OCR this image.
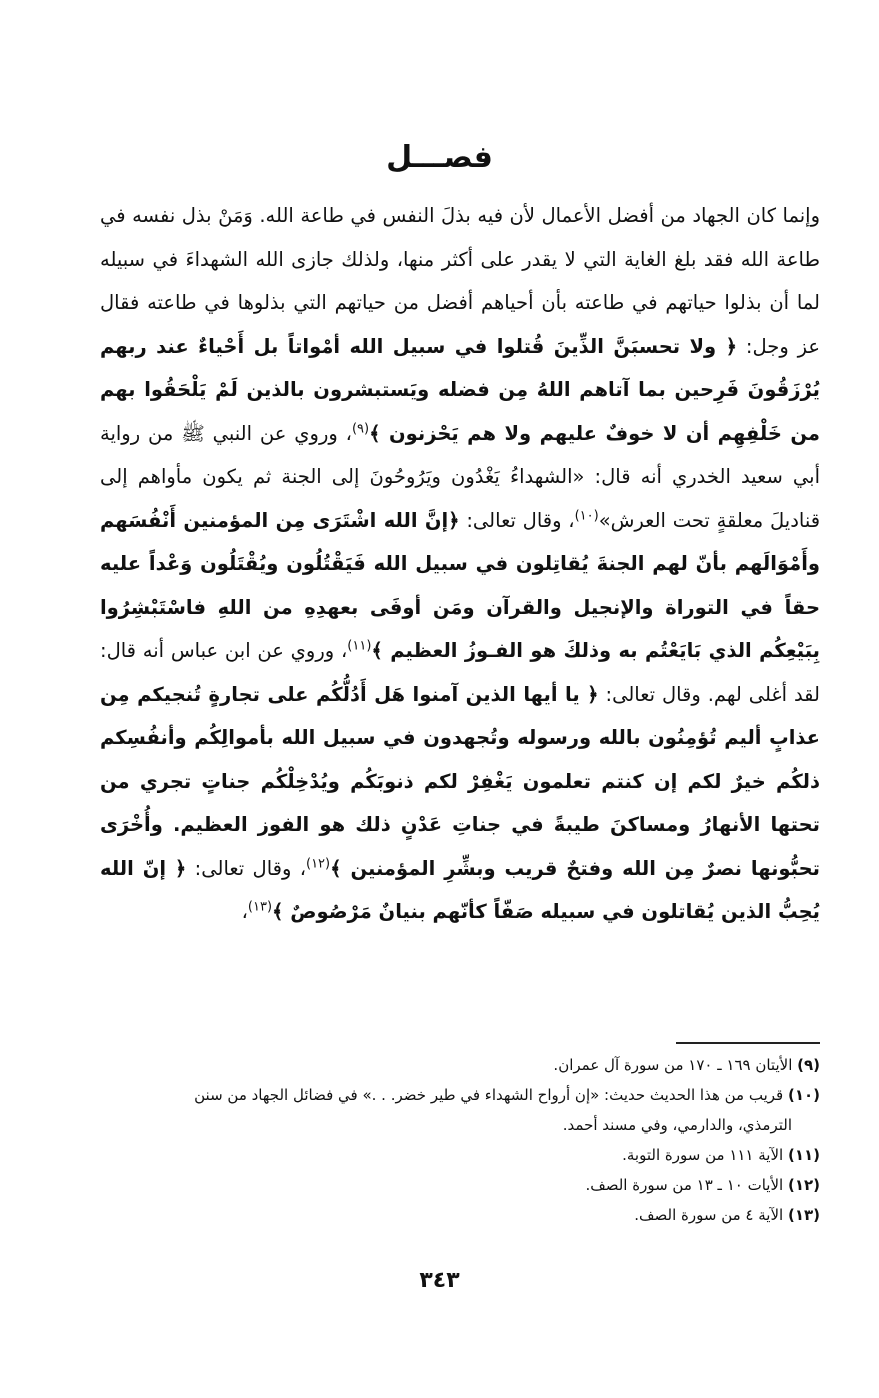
فصـــل

وإنما كان الجهاد من أفضل الأعمال لأن فيه بذلَ النفس في طاعة الله. وَمَنْ بذل نفسه في طاعة الله فقد بلغ الغاية التي لا يقدر على أكثر منها، ولذلك جازى الله الشهداءَ في سبيله لما أن بذلوا حياتهم في طاعته بأن أحياهم أفضل من حياتهم التي بذلوها في طاعته فقال عز وجل: ﴿ ولا تحسبَنَّ الذِّينَ قُتلوا في سبيل الله أمْواتاً بل أَحْياءٌ عند ربهم يُرْزَقُونَ فَرِحين بما آتاهم اللهُ مِن فضله ويَستبشرون بالذين لَمْ يَلْحَقُوا بهم من خَلْفِهِم أن لا خوفٌ عليهم ولا هم يَحْزنون ﴾$^{(٩)}$، وروي عن النبي ﷺ من رواية أبي سعيد الخدري أنه قال: «الشهداءُ يَغْدُون ويَرُوحُونَ إلى الجنة ثم يكون مأواهم إلى قناديلَ معلقةٍ تحت العرش»$^{(١٠)}$، وقال تعالى: ﴿إنَّ الله اشْتَرَى مِن المؤمنين أَنْفُسَهم وأَمْوَالَهم بأنّ لهم الجنةَ يُقاتِلون في سبيل الله فَيَقْتُلُون ويُقْتَلُون وَعْداً عليه حقاً في التوراة والإنجيل والقرآن ومَن أوفَى بعهدِهِ من اللهِ فاسْتَبْشِرُوا بِبَيْعِكُم الذي بَايَعْتُم به وذلكَ هو الفـوزُ العظيم ﴾$^{(١١)}$، وروي عن ابن عباس أنه قال: لقد أغلى لهم. وقال تعالى: ﴿ يا أيها الذين آمنوا هَل أَدُلُّكُم على تجارةٍ تُنجيكم مِن عذابٍ أليم تُؤمِنُون بالله ورسوله وتُجهدون في سبيل الله بأموالِكُم وأنفُسِكم ذلكُم خيرٌ لكم إن كنتم تعلمون يَغْفِرْ لكم ذنوبَكُم ويُدْخِلْكُم جناتٍ تجري من تحتها الأنهارُ ومساكنَ طيبةً في جناتِ عَدْنٍ ذلك هو الفوز العظيم. وأُخْرَى تحبُّونها نصرٌ مِن الله وفتحٌ قريب وبشِّرِ المؤمنين ﴾$^{(١٢)}$، وقال تعالى: ﴿ إنّ الله يُحِبُّ الذين يُقاتلون في سبيله صَفّاً كأنّهم بنيانٌ مَرْصُوصٌ ﴾$^{(١٣)}$،

(٩) الأيتان ١٦٩ ـ ١٧٠ من سورة آل عمران.
(١٠) قريب من هذا الحديث حديث: «إن أرواح الشهداء في طير خضر. . .» في فضائل الجهاد من سنن
الترمذي، والدارمي، وفي مسند أحمد.
(١١) الآية ١١١ من سورة التوبة.
(١٢) الأيات ١٠ ـ ١٣ من سورة الصف.
(١٣) الآية ٤ من سورة الصف.
٣٤٣
